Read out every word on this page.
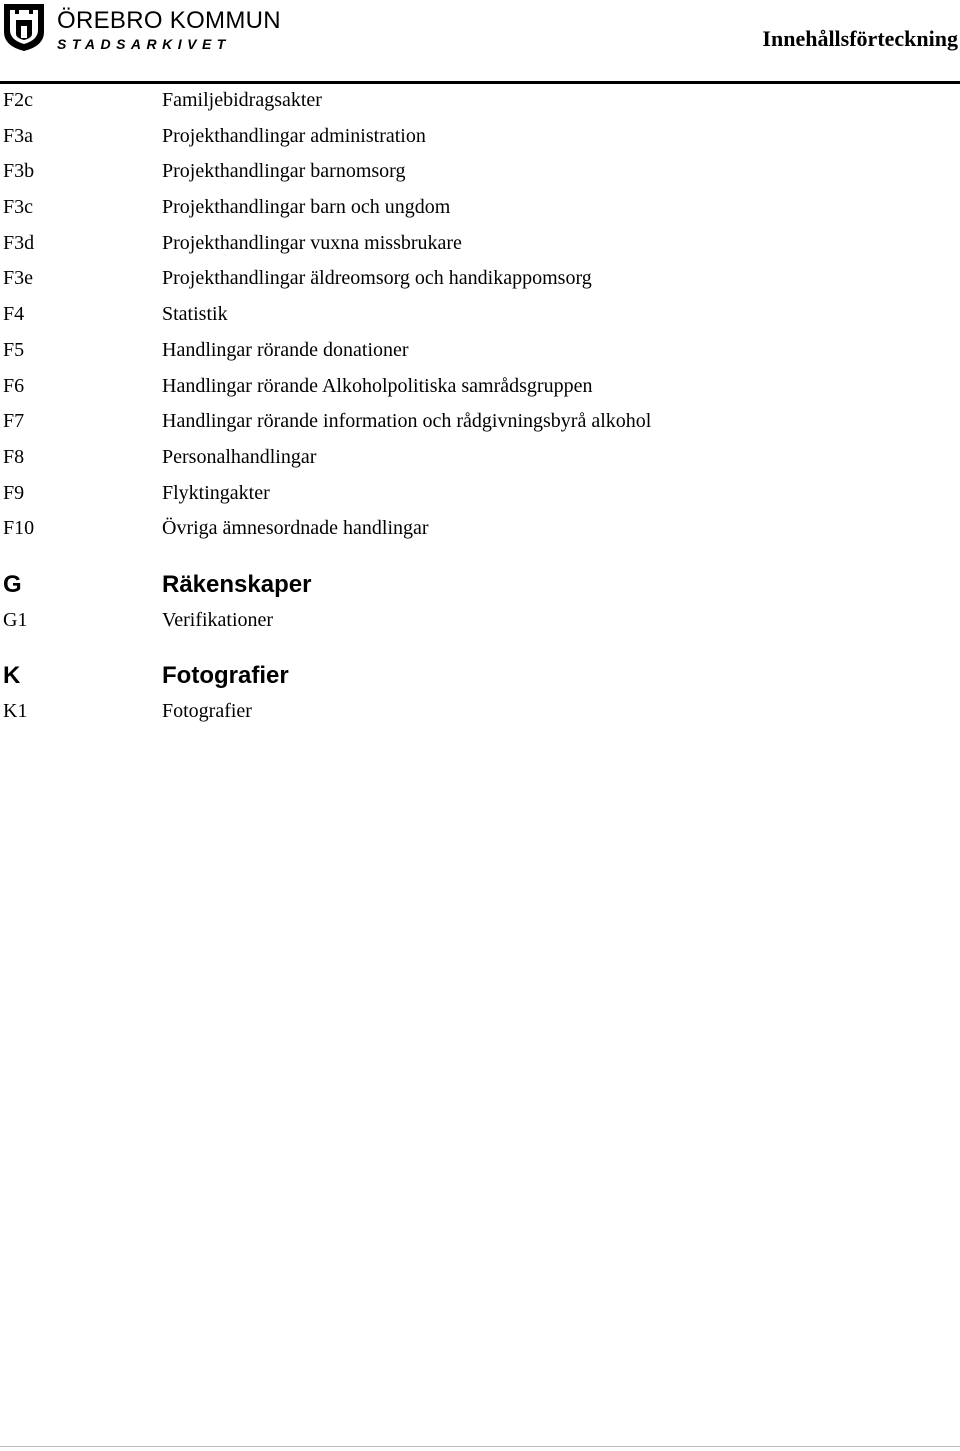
ÖREBRO KOMMUN
STADSARKIVET	Innehållsförteckning
F2c	Familjebidragsakter
F3a	Projekthandlingar administration
F3b	Projekthandlingar barnomsorg
F3c	Projekthandlingar barn och ungdom
F3d	Projekthandlingar vuxna missbrukare
F3e	Projekthandlingar äldreomsorg och handikappomsorg
F4	Statistik
F5	Handlingar rörande donationer
F6	Handlingar rörande Alkoholpolitiska samrådsgruppen
F7	Handlingar rörande information och rådgivningsbyrå alkohol
F8	Personalhandlingar
F9	Flyktingakter
F10	Övriga ämnesordnade handlingar
G	Räkenskaper
G1	Verifikationer
K	Fotografier
K1	Fotografier
